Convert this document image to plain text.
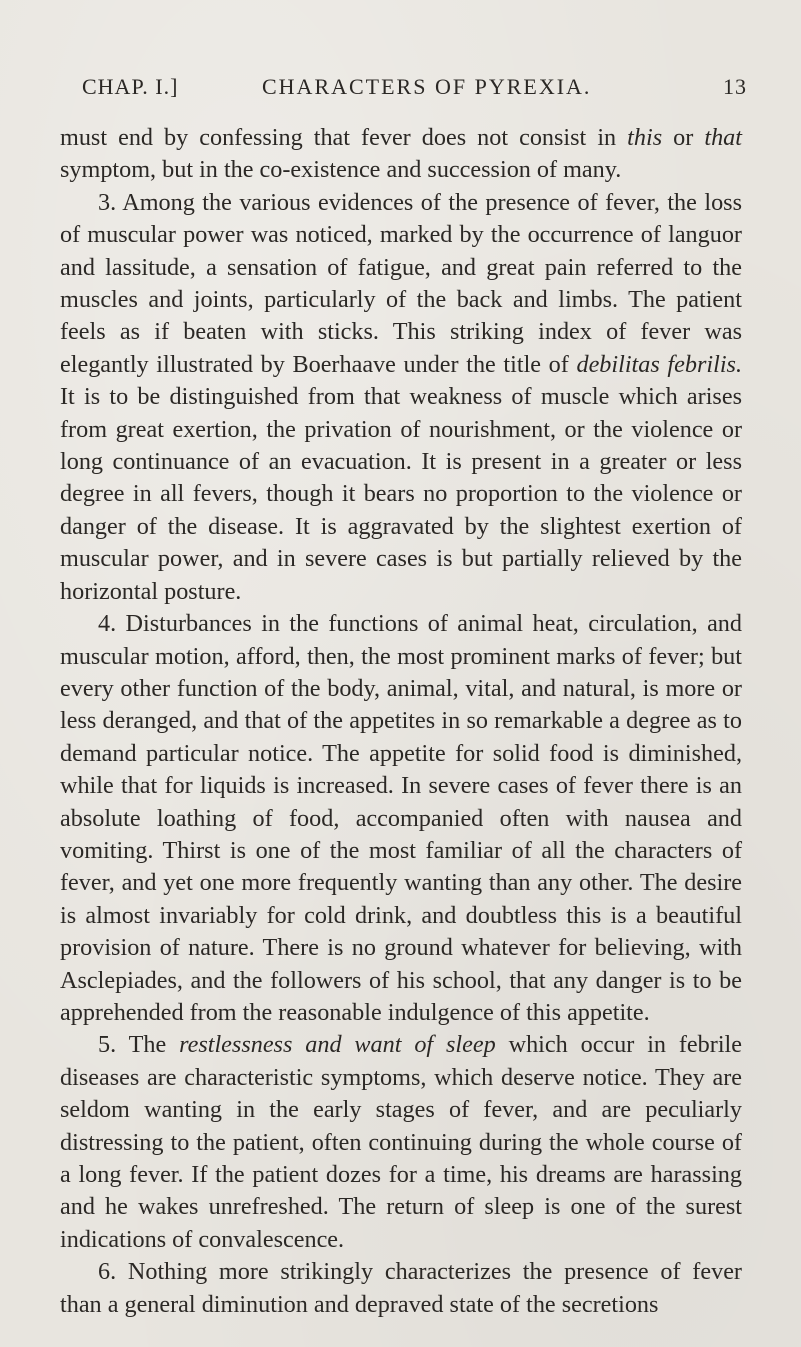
CHAP. I.]	CHARACTERS OF PYREXIA.	13

must end by confessing that fever does not consist in this or that symptom, but in the co-existence and succession of many.

3. Among the various evidences of the presence of fever, the loss of muscular power was noticed, marked by the occurrence of languor and lassitude, a sensation of fatigue, and great pain referred to the muscles and joints, particularly of the back and limbs. The patient feels as if beaten with sticks. This striking index of fever was elegantly illustrated by Boerhaave under the title of debilitas febrilis. It is to be distinguished from that weakness of muscle which arises from great exertion, the privation of nourishment, or the violence or long continuance of an evacuation. It is present in a greater or less degree in all fevers, though it bears no proportion to the violence or danger of the disease. It is aggravated by the slightest exertion of muscular power, and in severe cases is but partially relieved by the horizontal posture.

4. Disturbances in the functions of animal heat, circulation, and muscular motion, afford, then, the most prominent marks of fever; but every other function of the body, animal, vital, and natural, is more or less deranged, and that of the appetites in so remarkable a degree as to demand particular notice. The appetite for solid food is diminished, while that for liquids is increased. In severe cases of fever there is an absolute loathing of food, accompanied often with nausea and vomiting. Thirst is one of the most familiar of all the characters of fever, and yet one more frequently wanting than any other. The desire is almost invariably for cold drink, and doubtless this is a beautiful provision of nature. There is no ground whatever for believing, with Asclepiades, and the followers of his school, that any danger is to be apprehended from the reasonable indulgence of this appetite.

5. The restlessness and want of sleep which occur in febrile diseases are characteristic symptoms, which deserve notice. They are seldom wanting in the early stages of fever, and are peculiarly distressing to the patient, often continuing during the whole course of a long fever. If the patient dozes for a time, his dreams are harassing and he wakes unrefreshed. The return of sleep is one of the surest indications of convalescence.

6. Nothing more strikingly characterizes the presence of fever than a general diminution and depraved state of the secretions
